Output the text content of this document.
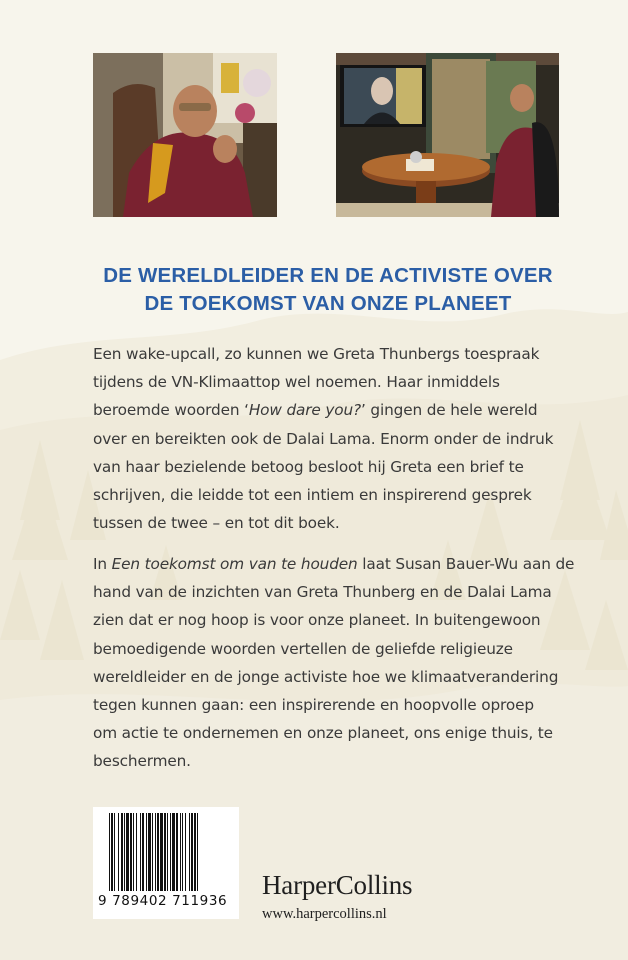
DE WERELDLEIDER EN DE ACTIVISTE OVER
DE TOEKOMST VAN ONZE PLANEET
Een wake-upcall, zo kunnen we Greta Thunbergs toespraak
tijdens de VN-Klimaattop wel noemen. Haar inmiddels
beroemde woorden ‘How dare you?’ gingen de hele wereld
over en bereikten ook de Dalai Lama. Enorm onder de indruk
van haar bezielende betoog besloot hij Greta een brief te
schrijven, die leidde tot een intiem en inspirerend gesprek
tussen de twee – en tot dit boek.
In Een toekomst om van te houden laat Susan Bauer-Wu aan de
hand van de inzichten van Greta Thunberg en de Dalai Lama
zien dat er nog hoop is voor onze planeet. In buitengewoon
bemoedigende woorden vertellen de geliefde religieuze
wereldleider en de jonge activiste hoe we klimaatverandering
tegen kunnen gaan: een inspirerende en hoopvolle oproep
om actie te ondernemen en onze planeet, ons enige thuis, te
beschermen.
9 789402 711936
HarperCollins
www.harpercollins.nl
